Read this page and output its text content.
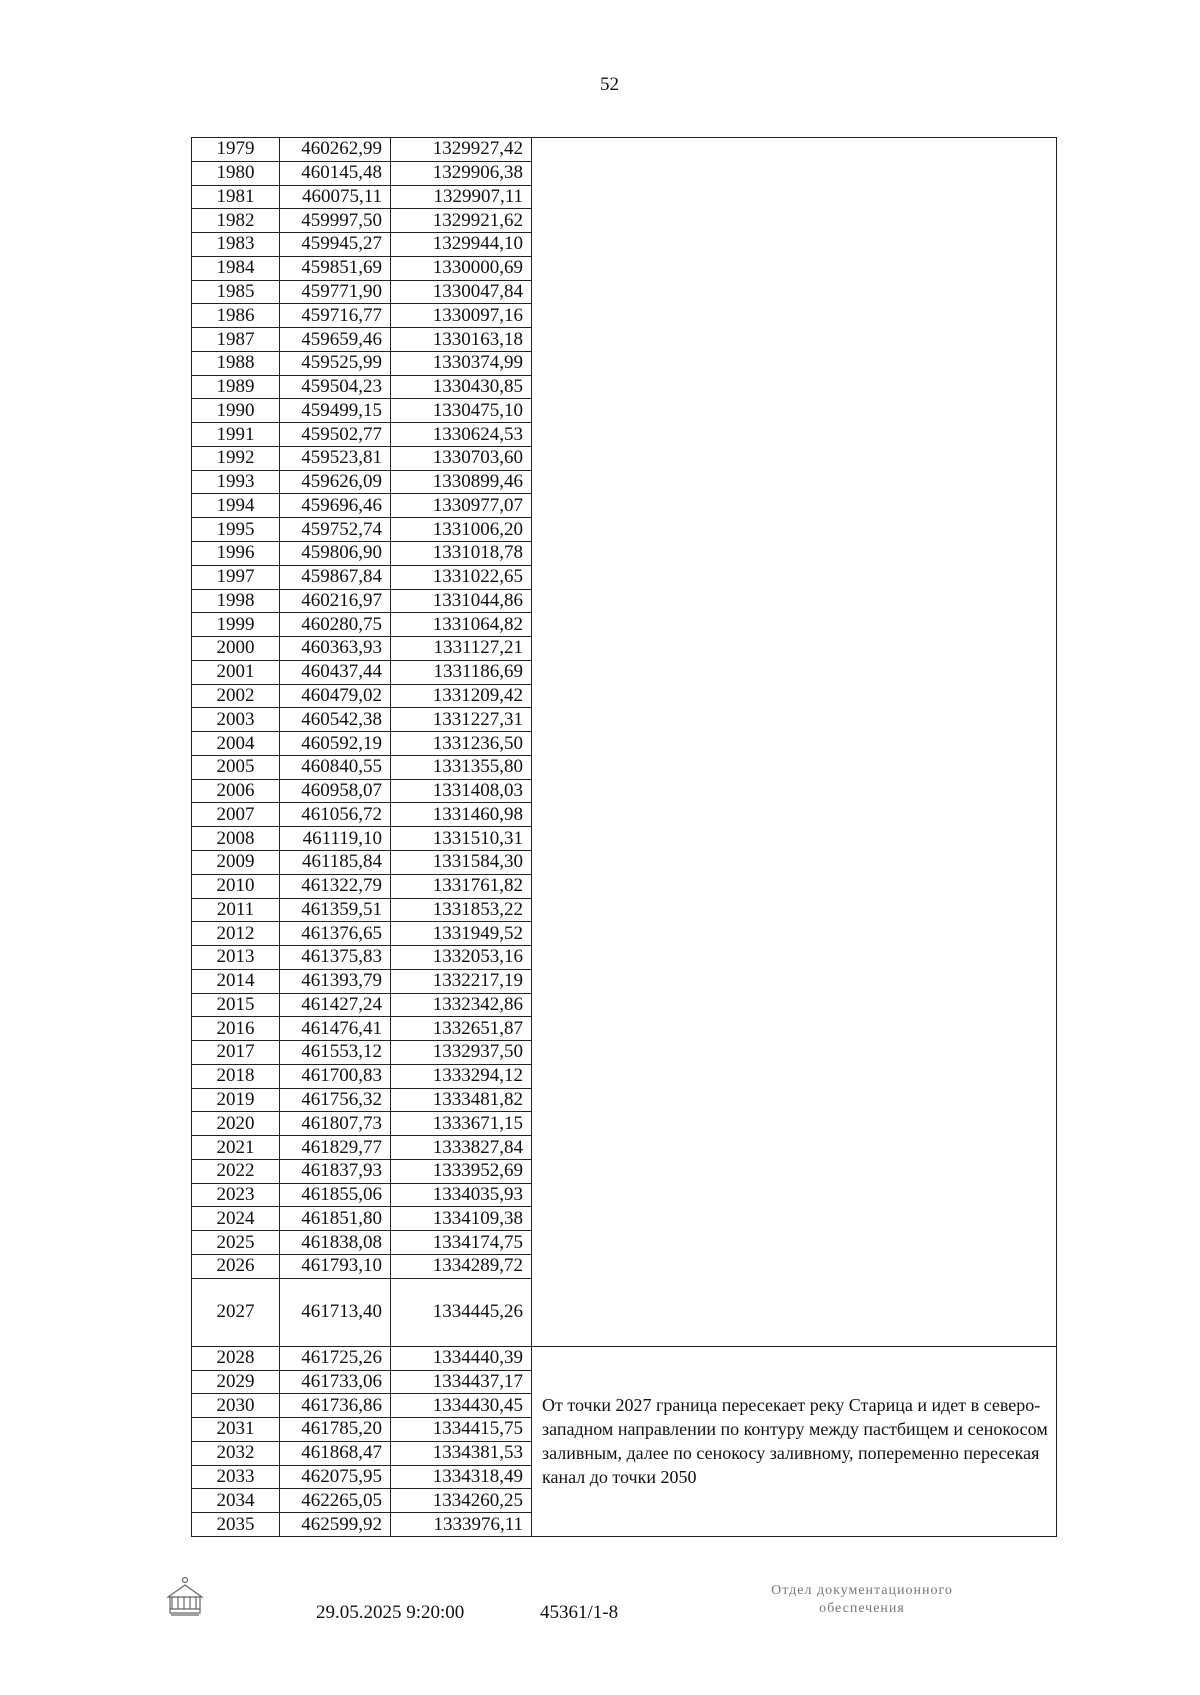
52
1979	460262,99	1329927,42	
1980	460145,48	1329906,38	
1981	460075,11	1329907,11	
1982	459997,50	1329921,62	
1983	459945,27	1329944,10	
1984	459851,69	1330000,69	
1985	459771,90	1330047,84	
1986	459716,77	1330097,16	
1987	459659,46	1330163,18	
1988	459525,99	1330374,99	
1989	459504,23	1330430,85	
1990	459499,15	1330475,10	
1991	459502,77	1330624,53	
1992	459523,81	1330703,60	
1993	459626,09	1330899,46	
1994	459696,46	1330977,07	
1995	459752,74	1331006,20	
1996	459806,90	1331018,78	
1997	459867,84	1331022,65	
1998	460216,97	1331044,86	
1999	460280,75	1331064,82	
2000	460363,93	1331127,21	
2001	460437,44	1331186,69	
2002	460479,02	1331209,42	
2003	460542,38	1331227,31	
2004	460592,19	1331236,50	
2005	460840,55	1331355,80	
2006	460958,07	1331408,03	
2007	461056,72	1331460,98	
2008	461119,10	1331510,31	
2009	461185,84	1331584,30	
2010	461322,79	1331761,82	
2011	461359,51	1331853,22	
2012	461376,65	1331949,52	
2013	461375,83	1332053,16	
2014	461393,79	1332217,19	
2015	461427,24	1332342,86	
2016	461476,41	1332651,87	
2017	461553,12	1332937,50	
2018	461700,83	1333294,12	
2019	461756,32	1333481,82	
2020	461807,73	1333671,15	
2021	461829,77	1333827,84	
2022	461837,93	1333952,69	
2023	461855,06	1334035,93	
2024	461851,80	1334109,38	
2025	461838,08	1334174,75	
2026	461793,10	1334289,72	
2027	461713,40	1334445,26	
2028	461725,26	1334440,39	От точки 2027 граница пересекает реку Старица и идет в северо-западном направлении по контуру между пастбищем и сенокосом заливным, далее по сенокосу заливному, попеременно пересекая канал до точки 2050
2029	461733,06	1334437,17	
2030	461736,86	1334430,45	
2031	461785,20	1334415,75	
2032	461868,47	1334381,53	
2033	462075,95	1334318,49	
2034	462265,05	1334260,25	
2035	462599,92	1333976,11	
29.05.2025 9:20:00	45361/1-8
Отдел документационного
обеспечения
